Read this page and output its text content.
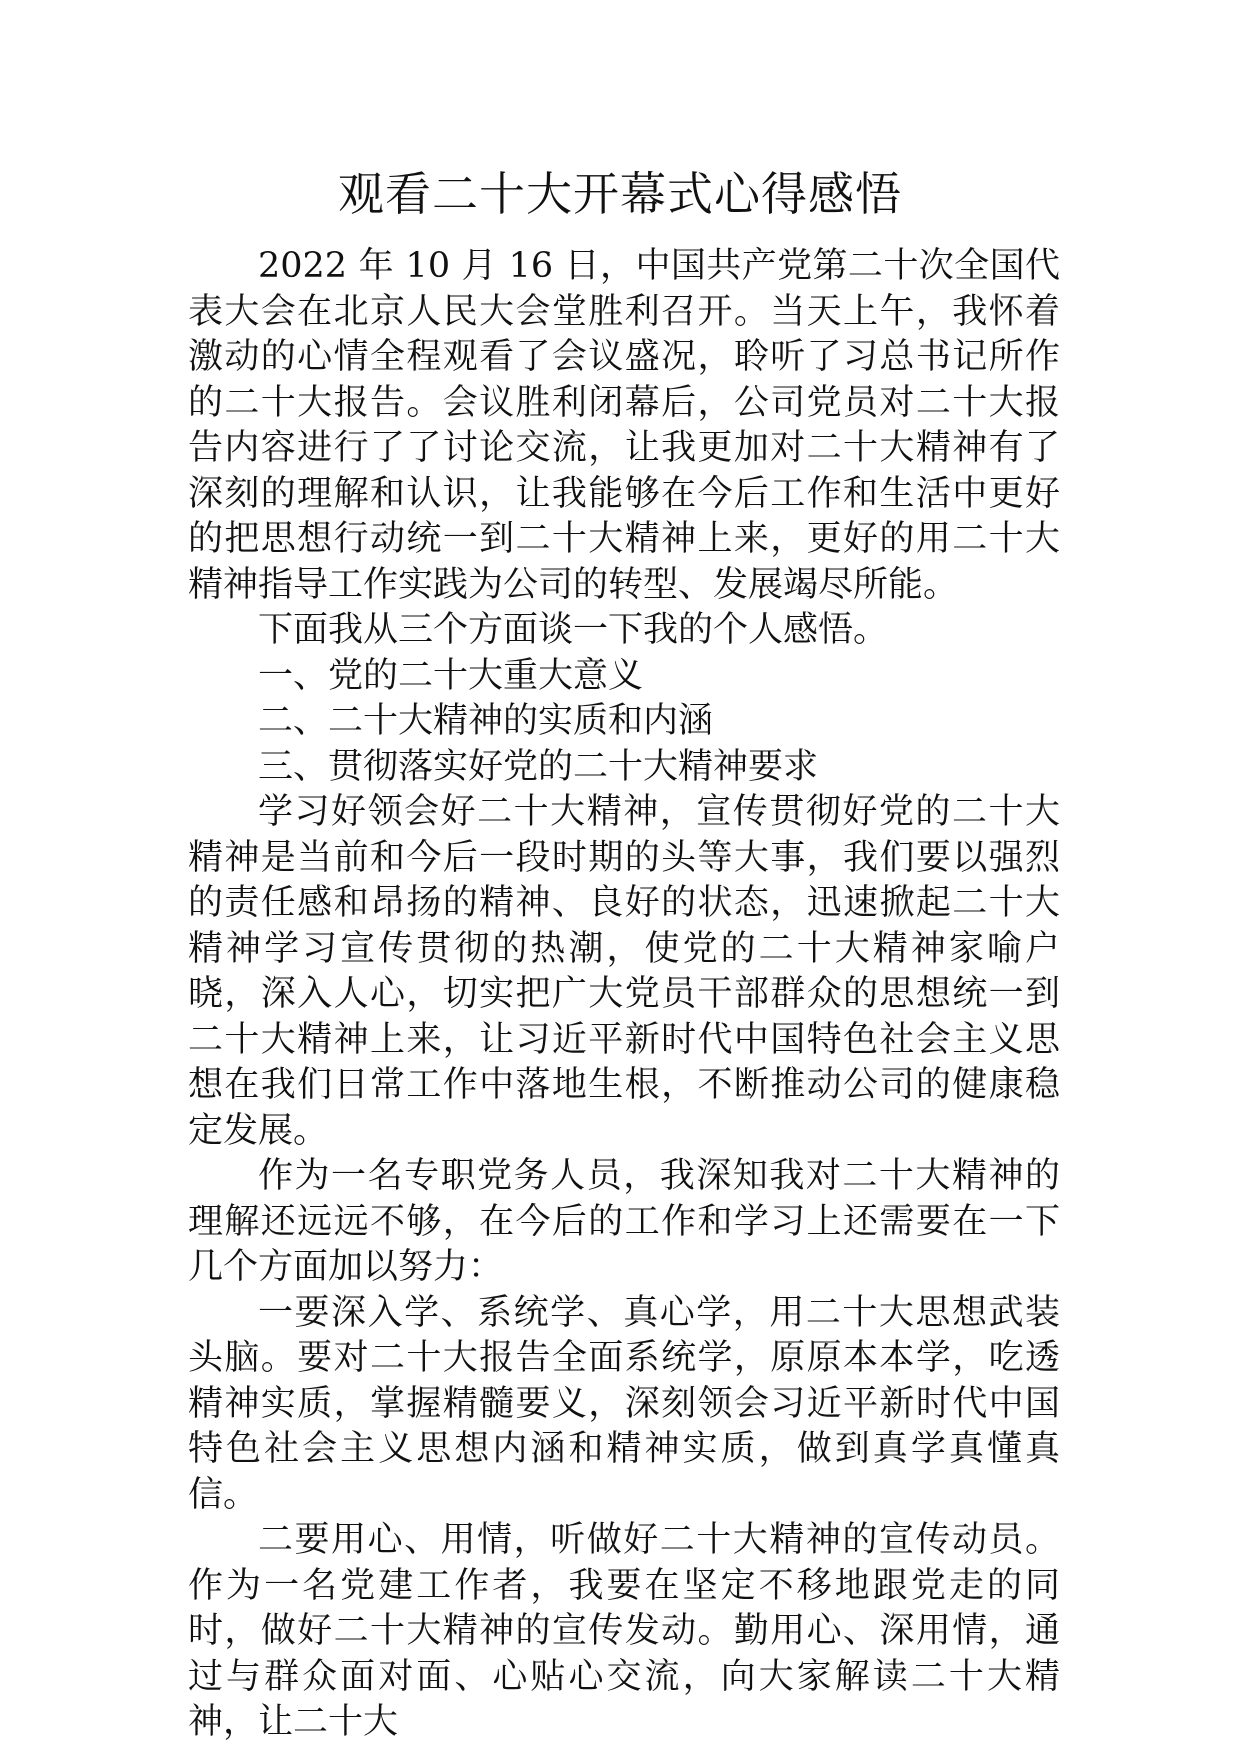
观看二十大开幕式心得感悟

2022 年 10 月 16 日，中国共产党第二十次全国代表大会在北京人民大会堂胜利召开。当天上午，我怀着激动的心情全程观看了会议盛况，聆听了习总书记所作的二十大报告。会议胜利闭幕后，公司党员对二十大报告内容进行了了讨论交流，让我更加对二十大精神有了深刻的理解和认识，让我能够在今后工作和生活中更好的把思想行动统一到二十大精神上来，更好的用二十大精神指导工作实践为公司的转型、发展竭尽所能。

下面我从三个方面谈一下我的个人感悟。

一、党的二十大重大意义

二、二十大精神的实质和内涵

三、贯彻落实好党的二十大精神要求

学习好领会好二十大精神，宣传贯彻好党的二十大精神是当前和今后一段时期的头等大事，我们要以强烈的责任感和昂扬的精神、良好的状态，迅速掀起二十大精神学习宣传贯彻的热潮，使党的二十大精神家喻户晓，深入人心，切实把广大党员干部群众的思想统一到二十大精神上来，让习近平新时代中国特色社会主义思想在我们日常工作中落地生根，不断推动公司的健康稳定发展。

作为一名专职党务人员，我深知我对二十大精神的理解还远远不够，在今后的工作和学习上还需要在一下几个方面加以努力：

一要深入学、系统学、真心学，用二十大思想武装头脑。要对二十大报告全面系统学，原原本本学，吃透精神实质，掌握精髓要义，深刻领会习近平新时代中国特色社会主义思想内涵和精神实质，做到真学真懂真信。

二要用心、用情，听做好二十大精神的宣传动员。作为一名党建工作者，我要在坚定不移地跟党走的同时，做好二十大精神的宣传发动。勤用心、深用情，通过与群众面对面、心贴心交流，向大家解读二十大精神，让二十大
